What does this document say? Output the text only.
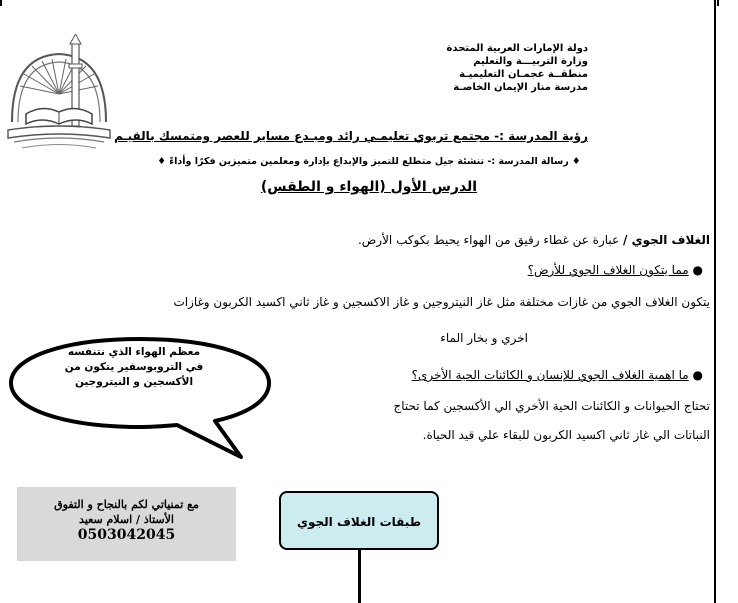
دولة الإمارات العربية المتحدة
وزارة التربيـــة والتعليم
منطقــة عجمـان التعليميـة
مدرسة منار الإيمان الخاصـة
رؤية المدرسة :- مجتمع تربوي تعليمـي رائد ومبـدع مساير للعصر ومتمسك بالقيـم
♦ رسالة المدرسة :- تنشئة جيل متطلع للتميز والإبداع بإدارة ومعلمين متميزين فكرًا وأداءً ♦
الدرس الأول (الهواء و الطقس)
الغلاف الجوي / عبارة عن غطاء رقيق من الهواء يحيط بكوكب الأرض.
● مما يتكون الغلاف الجوي للأرض؟
يتكون الغلاف الجوي من غازات مختلفة مثل غاز النيتروجين و غاز الاكسجين و غاز ثاني اكسيد الكربون وغازات
اخري و بخار الماء
● ما اهمية الغلاف الجوي للإنسان و الكائنات الحية الأخرى؟
تحتاج الحيوانات و الكائنات الحية الأخري الي الأكسجين كما تحتاج
النباتات الي غاز ثاني اكسيد الكربون للبقاء علي قيد الحياة.
معظم الهواء الذي نتنفسه
في التروبوسفير يتكون من
الأكسجين و النيتروجين
مع تمنياتي لكم بالنجاح و التفوق
الأستاذ / اسلام سعيد
0503042045
طبقات الغلاف الجوي
